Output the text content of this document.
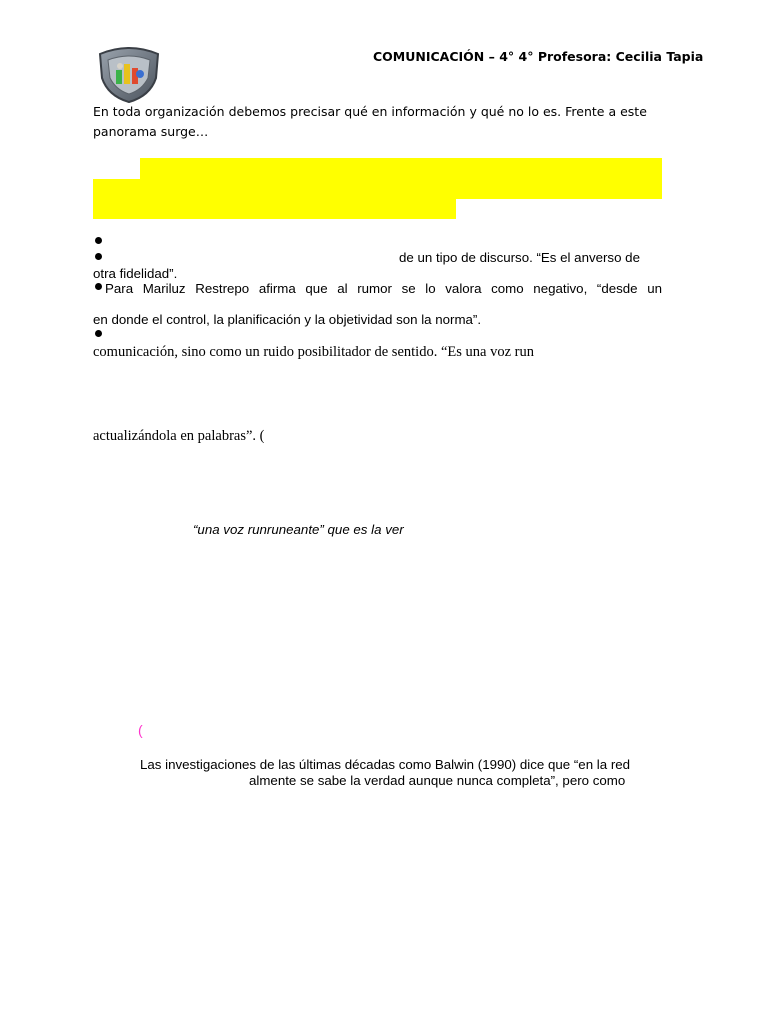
COMUNICACIÓN – 4° 4° Profesora: Cecilia Tapia
En toda organización debemos precisar qué en información y qué no lo es. Frente a este panorama surge…
de un tipo de discurso. “Es el anverso de
otra fidelidad”.
Para Mariluz Restrepo afirma que al rumor se lo valora como negativo, “desde un
en donde el control, la planificación y la objetividad son la norma”.
comunicación, sino como un ruido posibilitador de sentido. “Es una voz run
actualizándola en palabras”. (
“una voz runruneante” que es la ver
(
Las investigaciones de las últimas décadas como Balwin (1990) dice que “en la red
almente se sabe la verdad aunque nunca completa”, pero como
